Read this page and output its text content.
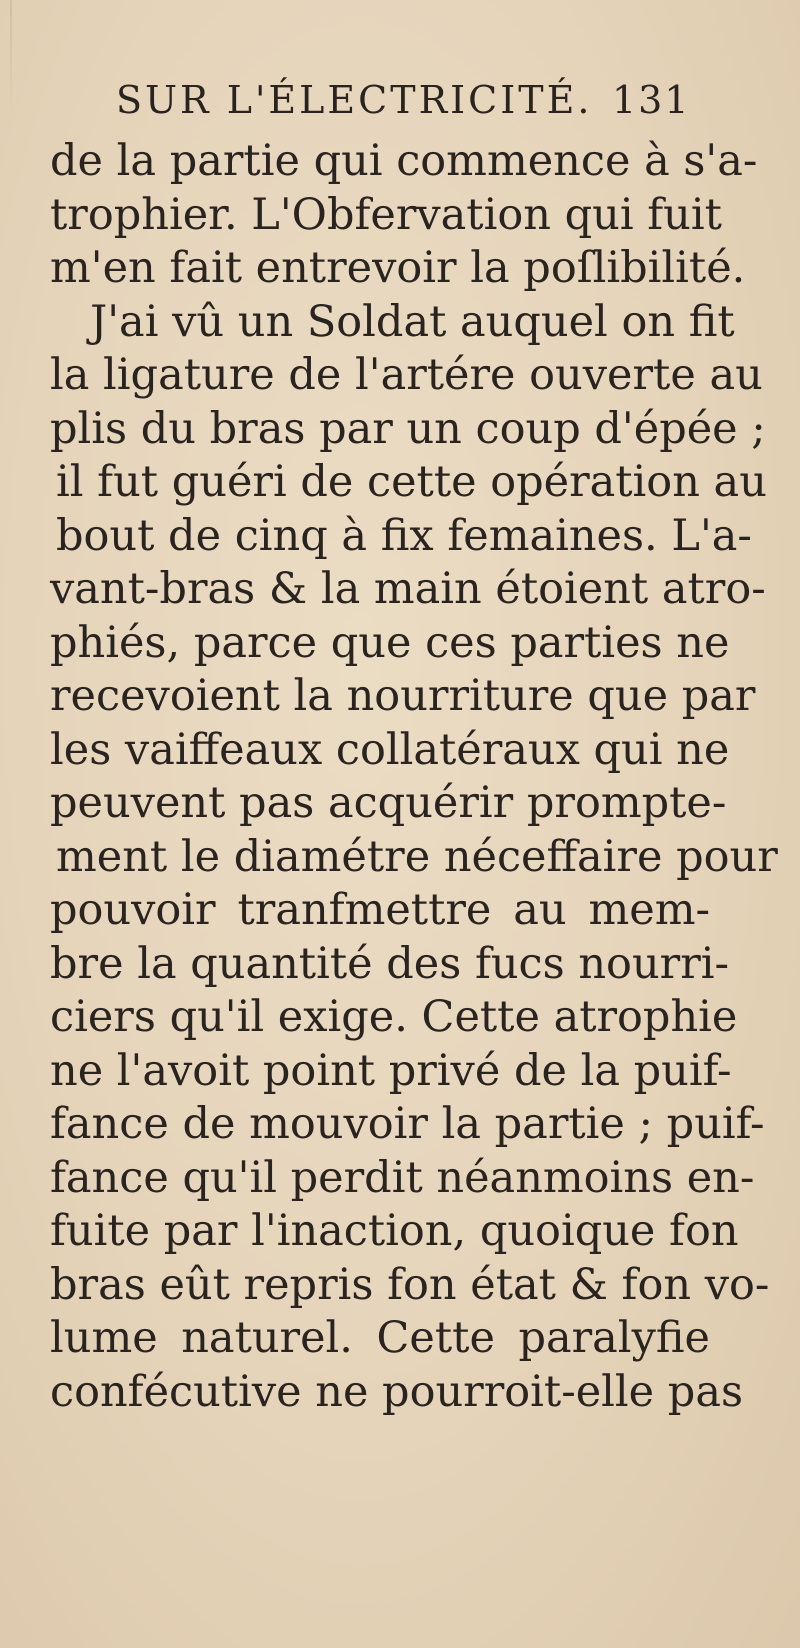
SUR L'ÉLECTRICITÉ. 131
de la partie qui commence à s'a-
trophier. L'Obfervation qui fuit
m'en fait entrevoir la poſlibilité.
J'ai vû un Soldat auquel on fit
la ligature de l'artére ouverte au
plis du bras par un coup d'épée ;
il fut guéri de cette opération au
bout de cinq à fix femaines. L'a-
vant-bras & la main étoient atro-
phiés, parce que ces parties ne
recevoient la nourriture que par
les vaiffeaux collatéraux qui ne
peuvent pas acquérir prompte-
ment le diamétre néceffaire pour
pouvoir tranfmettre au mem-
bre la quantité des fucs nourri-
ciers qu'il exige. Cette atrophie
ne l'avoit point privé de la puif-
fance de mouvoir la partie ; puif-
fance qu'il perdit néanmoins en-
fuite par l'inaction, quoique fon
bras eût repris fon état & fon vo-
lume naturel. Cette paralyfie
confécutive ne pourroit-elle pas
